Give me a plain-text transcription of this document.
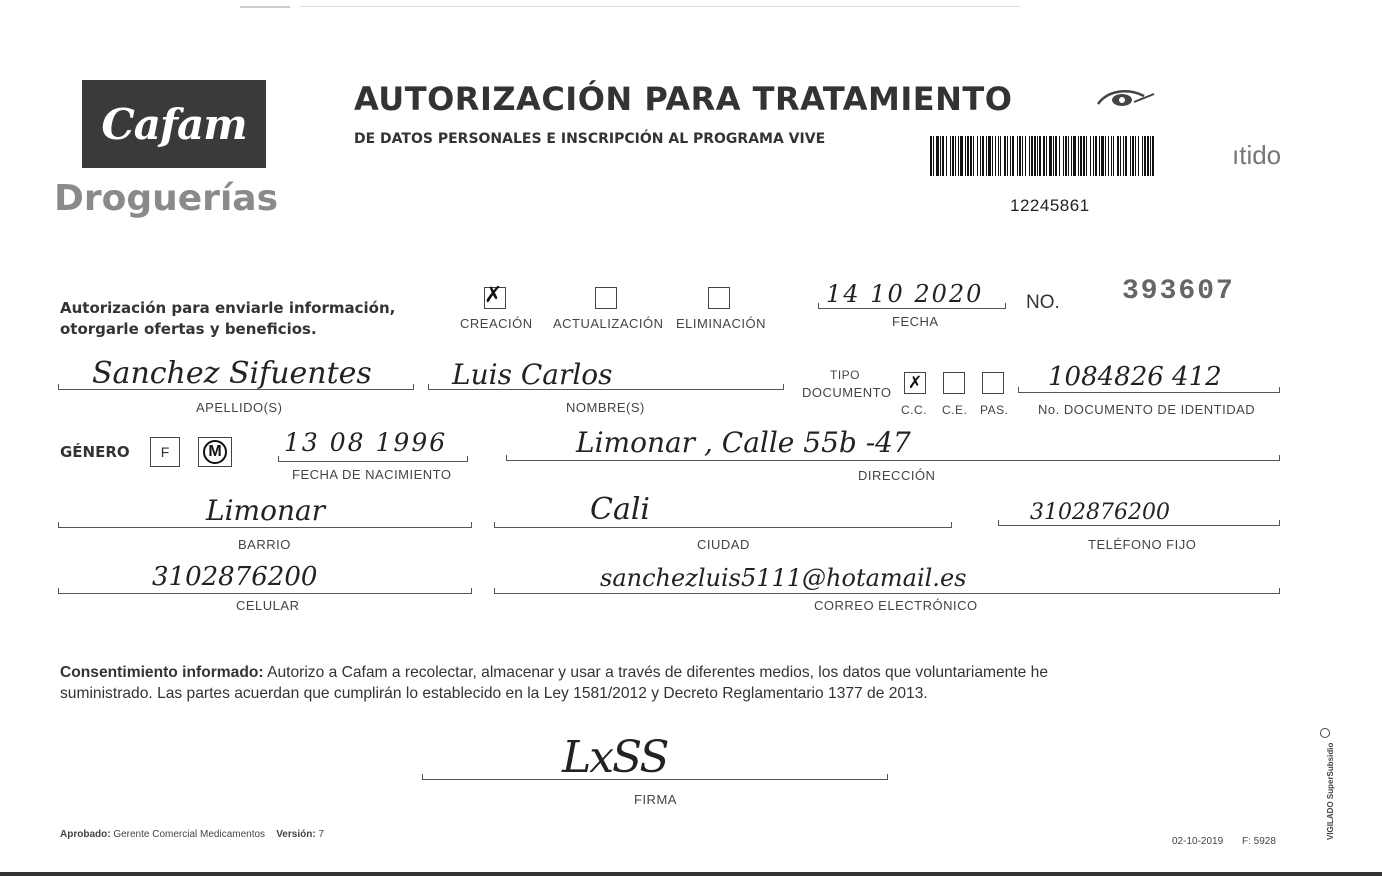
Cafam
Droguerías
AUTORIZACIÓN PARA TRATAMIENTO
DE DATOS PERSONALES E INSCRIPCIÓN AL PROGRAMA VIVE
12245861
ıtido
Autorización para enviarle información,
otorgarle ofertas y beneficios.
✗
CREACIÓN ACTUALIZACIÓN ELIMINACIÓN
14 10 2020
FECHA
NO. 393607
Sanchez Sifuentes
APELLIDO(S)
Luis Carlos
NOMBRE(S)
TIPO
DOCUMENTO ✗
C.C. C.E. PAS.
1084826 412
No. DOCUMENTO DE IDENTIDAD
GÉNERO F	M 13 08 1996
FECHA DE NACIMIENTO
Limonar , Calle 55b -47
DIRECCIÓN
Limonar
BARRIO
Cali
CIUDAD
3102876200
TELÉFONO FIJO
3102876200
CELULAR
sanchezluis5111@hotamail.es
CORREO ELECTRÓNICO
Consentimiento informado: Autorizo a Cafam a recolectar, almacenar y usar a través de diferentes medios, los datos que voluntariamente he
suministrado. Las partes acuerdan que cumplirán lo establecido en la Ley 1581/2012 y Decreto Reglamentario 1377 de 2013.
LxSS
FIRMA
Aprobado: Gerente Comercial Medicamentos Versión: 7
02-10-2019 F: 5928
VIGILADO SuperSubsidio
